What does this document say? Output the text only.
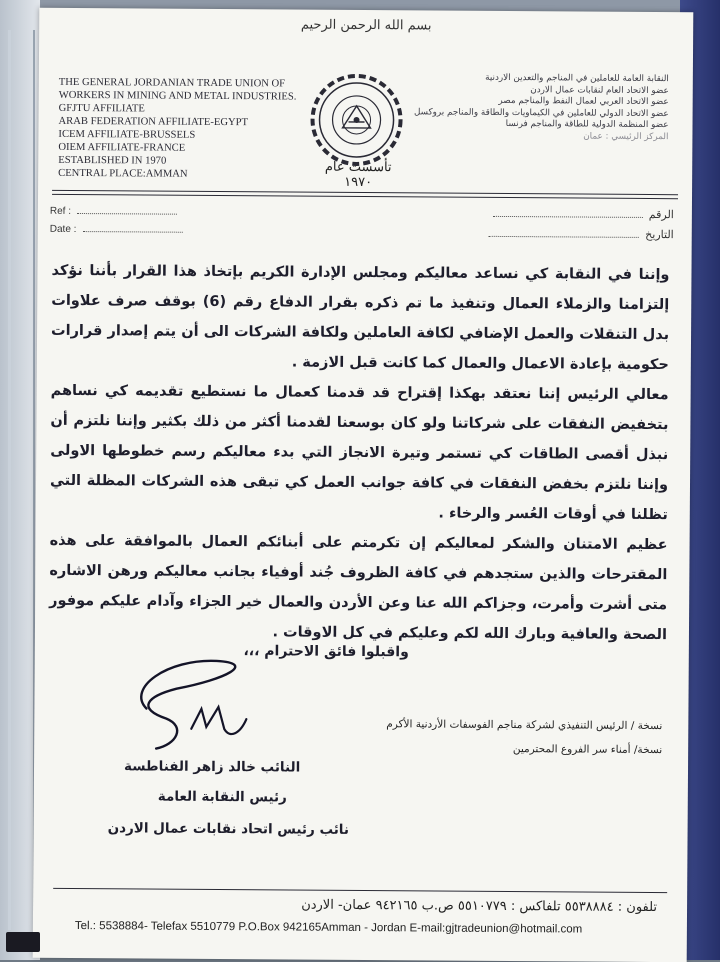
بسم الله الرحمن الرحيم
THE GENERAL JORDANIAN TRADE UNION OF
WORKERS IN MINING AND METAL INDUSTRIES.
GFJTU AFFILIATE
ARAB FEDERATION AFFILIATE-EGYPT
ICEM AFFILIATE-BRUSSELS
OIEM AFFILIATE-FRANCE
ESTABLISHED IN 1970
CENTRAL PLACE:AMMAN	تأسست عام ١٩٧٠
النقابة العامة للعاملين في المناجم والتعدين الاردنية
عضو الاتحاد العام لنقابات عمال الاردن
عضو الاتحاد العربي لعمال النفط والمناجم مصر
عضو الاتحاد الدولي للعاملين في الكيماويات والطاقة والمناجم بروكسل
عضو المنظمة الدولية للطاقة والمناجم فرنسا
المركز الرئيسي : عمان
Ref :
Date :
الرقم
التاريخ

وإننا في النقابة كي نساعد معاليكم ومجلس الإدارة الكريم بإتخاذ هذا القرار بأننا نؤكد إلتزامنا والزملاء العمال وتنفيذ ما تم ذكره بقرار الدفاع رقم (6) بوقف صرف علاوات بدل التنقلات والعمل الإضافي لكافة العاملين ولكافة الشركات الى أن يتم إصدار قرارات حكومية بإعادة الاعمال والعمال كما كانت قبل الازمة .

معالي الرئيس إننا نعتقد بهكذا إقتراح قد قدمنا كعمال ما نستطيع تقديمه كي نساهم بتخفيض النفقات على شركاتنا ولو كان بوسعنا لقدمنا أكثر من ذلك بكثير وإننا نلتزم أن نبذل أقصى الطاقات كي تستمر وتيرة الانجاز التي بدء معاليكم رسم خطوطها الاولى وإننا نلتزم بخفض النفقات في كافة جوانب العمل كي تبقى هذه الشركات المظلة التي تظلنا في أوقات العُسر والرخاء .

عظيم الامتنان والشكر لمعاليكم إن تكرمتم على أبنائكم العمال بالموافقة على هذه المقترحات والذين ستجدهم في كافة الظروف جُند أوفياء بجانب معاليكم ورهن الاشاره متى أشرت وأمرت، وجزاكم الله عنا وعن الأردن والعمال خير الجزاء وآدام عليكم موفور الصحة والعافية وبارك الله لكم وعليكم في كل الاوقات .

واقبلوا فائق الاحترام ،،،
النائب خالد زاهر الفناطسة
رئيس النقابة العامة
نائب رئيس اتحاد نقابات عمال الاردن
نسخة / الرئيس التنفيذي لشركة مناجم الفوسفات الأردنية الأكرم
نسخة/ أمناء سر الفروع المحترمين
تلفون : ٥٥٣٨٨٨٤ تلفاكس : ٥٥١٠٧٧٩ ص.ب ٩٤٢١٦٥ عمان- الاردن
Tel.: 5538884- Telefax 5510779 P.O.Box 942165Amman - Jordan E-mail:gjtradeunion@hotmail.com
